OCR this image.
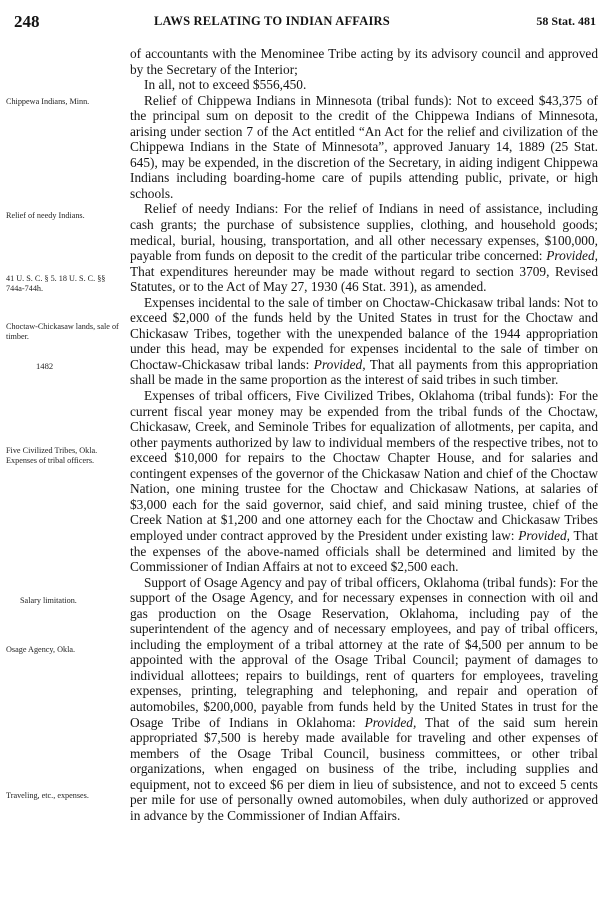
248	LAWS RELATING TO INDIAN AFFAIRS	58 Stat. 481
Chippewa Indians, Minn.
Relief of needy Indians.
41 U. S. C. § 5. 18 U. S. C. §§ 744a-744h.
Choctaw-Chickasaw lands, sale of timber.
1482
Five Civilized Tribes, Okla. Expenses of tribal officers.
Salary limitation.
Osage Agency, Okla.
Traveling, etc., expenses.

of accountants with the Menominee Tribe acting by its advisory council and approved by the Secretary of the Interior;

In all, not to exceed $556,450.

Relief of Chippewa Indians in Minnesota (tribal funds): Not to exceed $43,375 of the principal sum on deposit to the credit of the Chippewa Indians of Minnesota, arising under section 7 of the Act entitled “An Act for the relief and civilization of the Chippewa Indians in the State of Minnesota”, approved January 14, 1889 (25 Stat. 645), may be expended, in the discretion of the Secretary, in aiding indigent Chippewa Indians including boarding-home care of pupils attending public, private, or high schools.

Relief of needy Indians: For the relief of Indians in need of assistance, including cash grants; the purchase of subsistence supplies, clothing, and household goods; medical, burial, housing, transportation, and all other necessary expenses, $100,000, payable from funds on deposit to the credit of the particular tribe concerned: Provided, That expenditures hereunder may be made without regard to section 3709, Revised Statutes, or to the Act of May 27, 1930 (46 Stat. 391), as amended.

Expenses incidental to the sale of timber on Choctaw-Chickasaw tribal lands: Not to exceed $2,000 of the funds held by the United States in trust for the Choctaw and Chickasaw Tribes, together with the unexpended balance of the 1944 appropriation under this head, may be expended for expenses incidental to the sale of timber on Choctaw-Chickasaw tribal lands: Provided, That all payments from this appropriation shall be made in the same proportion as the interest of said tribes in such timber.

Expenses of tribal officers, Five Civilized Tribes, Oklahoma (tribal funds): For the current fiscal year money may be expended from the tribal funds of the Choctaw, Chickasaw, Creek, and Seminole Tribes for equalization of allotments, per capita, and other payments authorized by law to individual members of the respective tribes, not to exceed $10,000 for repairs to the Choctaw Chapter House, and for salaries and contingent expenses of the governor of the Chickasaw Nation and chief of the Choctaw Nation, one mining trustee for the Choctaw and Chickasaw Nations, at salaries of $3,000 each for the said governor, said chief, and said mining trustee, chief of the Creek Nation at $1,200 and one attorney each for the Choctaw and Chickasaw Tribes employed under contract approved by the President under existing law: Provided, That the expenses of the above-named officials shall be determined and limited by the Commissioner of Indian Affairs at not to exceed $2,500 each.

Support of Osage Agency and pay of tribal officers, Oklahoma (tribal funds): For the support of the Osage Agency, and for necessary expenses in connection with oil and gas production on the Osage Reservation, Oklahoma, including pay of the superintendent of the agency and of necessary employees, and pay of tribal officers, including the employment of a tribal attorney at the rate of $4,500 per annum to be appointed with the approval of the Osage Tribal Council; payment of damages to individual allottees; repairs to buildings, rent of quarters for employees, traveling expenses, printing, telegraphing and telephoning, and repair and operation of automobiles, $200,000, payable from funds held by the United States in trust for the Osage Tribe of Indians in Oklahoma: Provided, That of the said sum herein appropriated $7,500 is hereby made available for traveling and other expenses of members of the Osage Tribal Council, business committees, or other tribal organizations, when engaged on business of the tribe, including supplies and equipment, not to exceed $6 per diem in lieu of subsistence, and not to exceed 5 cents per mile for use of personally owned automobiles, when duly authorized or approved in advance by the Commissioner of Indian Affairs.
